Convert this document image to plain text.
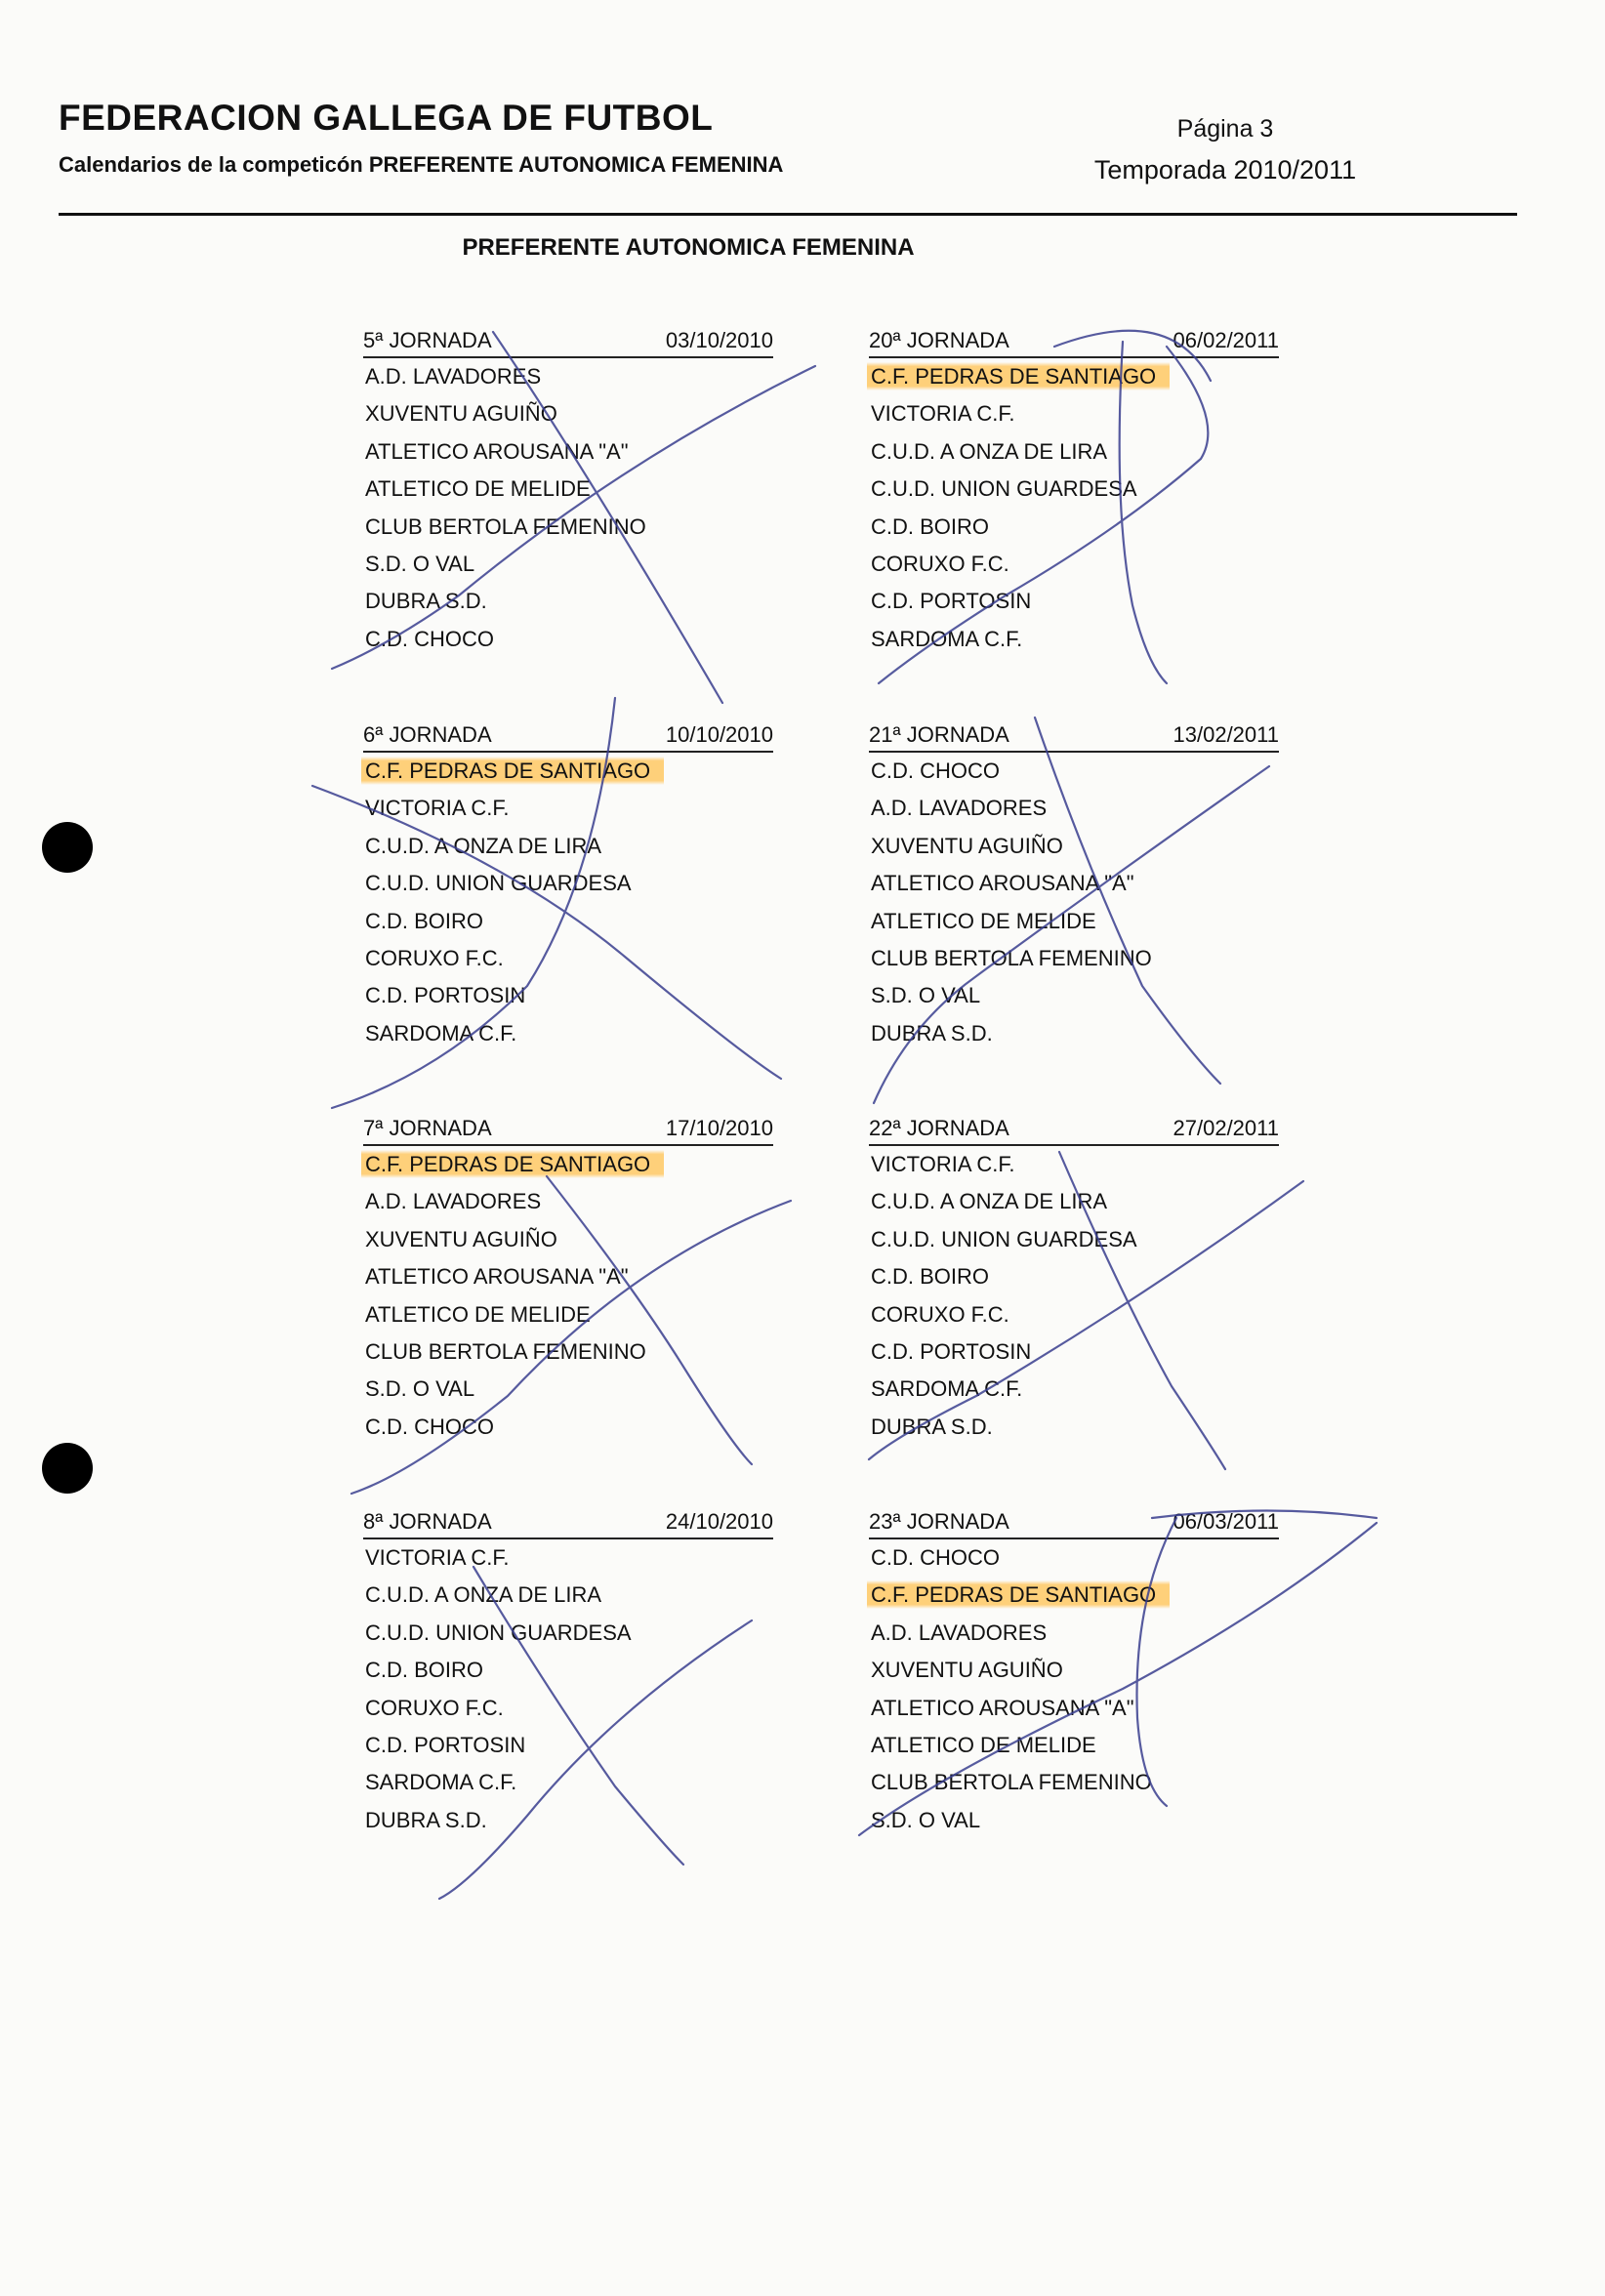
FEDERACION GALLEGA DE FUTBOL
Calendarios de la competicón PREFERENTE AUTONOMICA FEMENINA
Página 3
Temporada 2010/2011
PREFERENTE AUTONOMICA FEMENINA
5ª JORNADA	03/10/2010
A.D. LAVADORES
XUVENTU AGUIÑO
ATLETICO AROUSANA "A"
ATLETICO DE MELIDE
CLUB BERTOLA FEMENINO
S.D. O VAL
DUBRA S.D.
C.D. CHOCO
20ª JORNADA	06/02/2011
C.F. PEDRAS DE SANTIAGO
VICTORIA C.F.
C.U.D. A ONZA DE LIRA
C.U.D. UNION GUARDESA
C.D. BOIRO
CORUXO F.C.
C.D. PORTOSIN
SARDOMA C.F.
6ª JORNADA	10/10/2010
C.F. PEDRAS DE SANTIAGO
VICTORIA C.F.
C.U.D. A ONZA DE LIRA
C.U.D. UNION GUARDESA
C.D. BOIRO
CORUXO F.C.
C.D. PORTOSIN
SARDOMA C.F.
21ª JORNADA	13/02/2011
C.D. CHOCO
A.D. LAVADORES
XUVENTU AGUIÑO
ATLETICO AROUSANA "A"
ATLETICO DE MELIDE
CLUB BERTOLA FEMENINO
S.D. O VAL
DUBRA S.D.
7ª JORNADA	17/10/2010
C.F. PEDRAS DE SANTIAGO
A.D. LAVADORES
XUVENTU AGUIÑO
ATLETICO AROUSANA "A"
ATLETICO DE MELIDE
CLUB BERTOLA FEMENINO
S.D. O VAL
C.D. CHOCO
22ª JORNADA	27/02/2011
VICTORIA C.F.
C.U.D. A ONZA DE LIRA
C.U.D. UNION GUARDESA
C.D. BOIRO
CORUXO F.C.
C.D. PORTOSIN
SARDOMA C.F.
DUBRA S.D.
8ª JORNADA	24/10/2010
VICTORIA C.F.
C.U.D. A ONZA DE LIRA
C.U.D. UNION GUARDESA
C.D. BOIRO
CORUXO F.C.
C.D. PORTOSIN
SARDOMA C.F.
DUBRA S.D.
23ª JORNADA	06/03/2011
C.D. CHOCO
C.F. PEDRAS DE SANTIAGO
A.D. LAVADORES
XUVENTU AGUIÑO
ATLETICO AROUSANA "A"
ATLETICO DE MELIDE
CLUB BERTOLA FEMENINO
S.D. O VAL
